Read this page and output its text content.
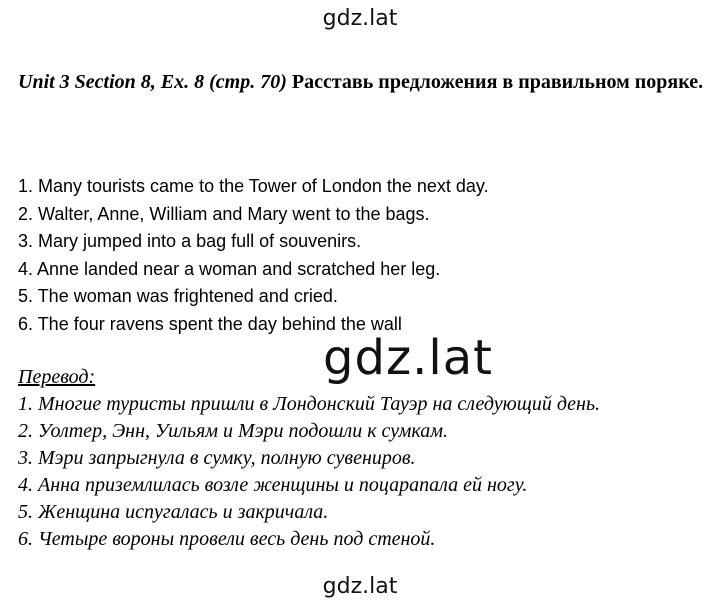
gdz.lat
Unit 3 Section 8, Ex. 8 (стр. 70) Расставь предложения в правильном поряке.
1. Many tourists came to the Tower of London the next day.
2. Walter, Anne, William and Mary went to the bags.
3. Mary jumped into a bag full of souvenirs.
4. Anne landed near a woman and scratched her leg.
5. The woman was frightened and cried.
6. The four ravens spent the day behind the wall
gdz.lat
Перевод:
1. Многие туристы пришли в Лондонский Тауэр на следующий день.
2. Уолтер, Энн, Уильям и Мэри подошли к сумкам.
3. Мэри запрыгнула в сумку, полную сувениров.
4. Анна приземлилась возле женщины и поцарапала ей ногу.
5. Женщина испугалась и закричала.
6. Четыре вороны провели весь день под стеной.
gdz.lat
